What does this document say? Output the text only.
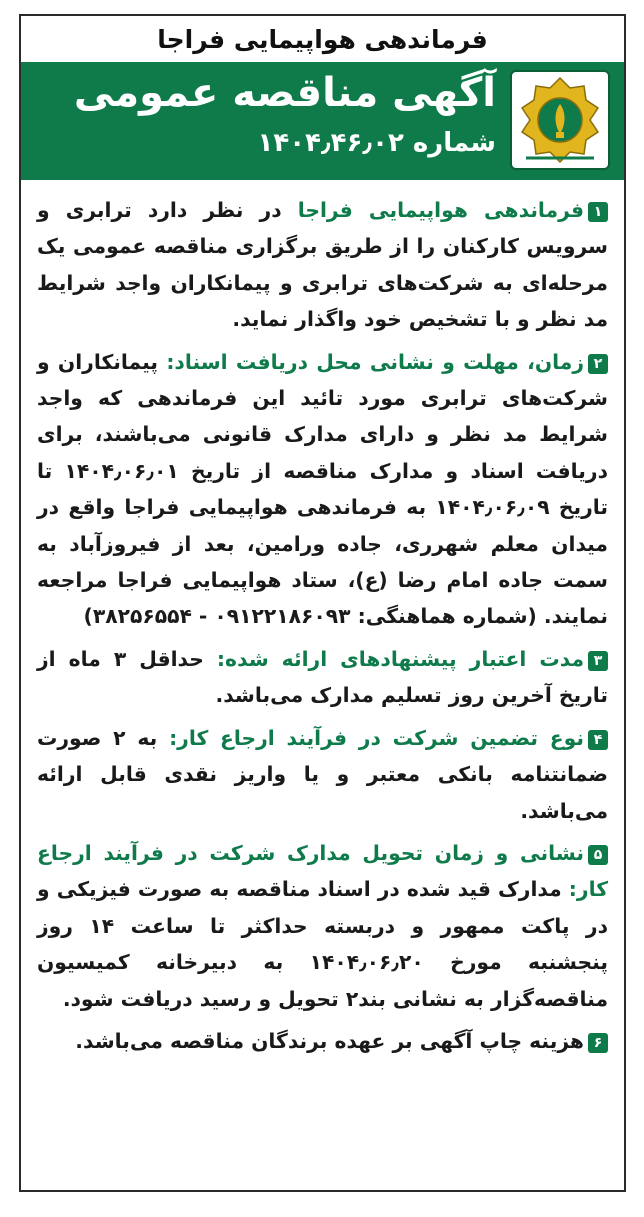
فرماندهی هواپیمایی فراجا
آگهی مناقصه عمومی
شماره ۱۴۰۴٫۴۶٫۰۲

۱فرماندهی هواپیمایی فراجا در نظر دارد ترابری و سرویس کارکنان را از طریق برگزاری مناقصه عمومی یک مرحله‌ای به شرکت‌های ترابری و پیمانکاران واجد شرایط مد نظر و با تشخیص خود واگذار نماید.

۲زمان، مهلت و نشانی محل دریافت اسناد: پیمانکاران و شرکت‌های ترابری مورد تائید این فرماندهی که واجد شرایط مد نظر و دارای مدارک قانونی می‌باشند، برای دریافت اسناد و مدارک مناقصه از تاریخ ۱۴۰۴٫۰۶٫۰۱ تا تاریخ ۱۴۰۴٫۰۶٫۰۹ به فرماندهی هواپیمایی فراجا واقع در میدان معلم شهرری، جاده ورامین، بعد از فیروزآباد به سمت جاده امام رضا (ع)، ستاد هواپیمایی فراجا مراجعه نمایند. (شماره هماهنگی: ۰۹۱۲۲۱۸۶۰۹۳ - ۳۸۲۵۶۵۵۴)

۳مدت اعتبار پیشنهادهای ارائه شده: حداقل ۳ ماه از تاریخ آخرین روز تسلیم مدارک می‌باشد.

۴نوع تضمین شرکت در فرآیند ارجاع کار: به ۲ صورت ضمانتنامه بانکی معتبر و یا واریز نقدی قابل ارائه می‌باشد.

۵نشانی و زمان تحویل مدارک شرکت در فرآیند ارجاع کار: مدارک قید شده در اسناد مناقصه به صورت فیزیکی و در پاکت ممهور و دربسته حداکثر تا ساعت ۱۴ روز پنجشنبه مورخ ۱۴۰۴٫۰۶٫۲۰ به دبیرخانه کمیسیون مناقصه‌گزار به نشانی بند۲ تحویل و رسید دریافت شود.

۶هزینه چاپ آگهی بر عهده برندگان مناقصه می‌باشد.
